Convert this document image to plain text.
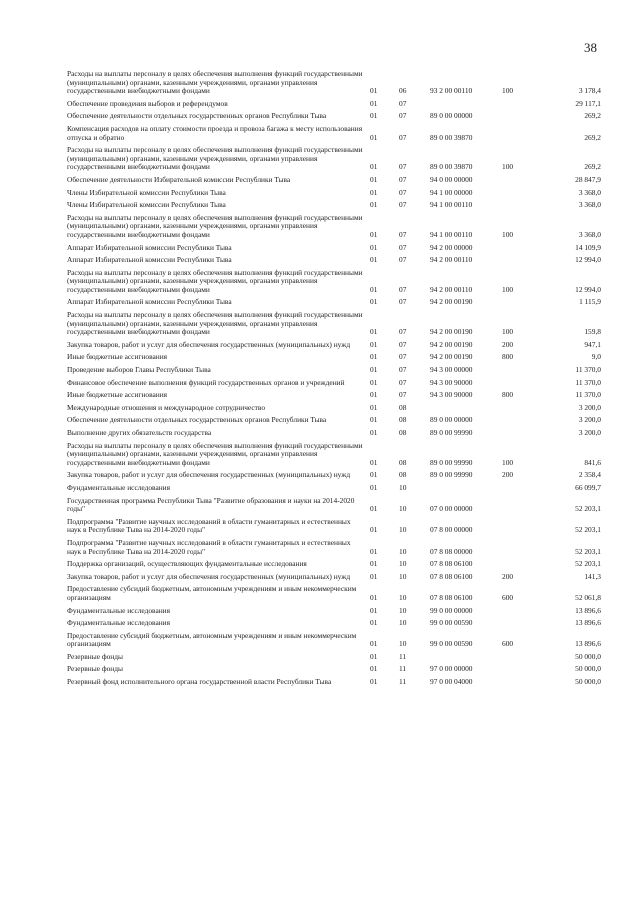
38
Расходы на выплаты персоналу в целях обеспечения выполнения функций государственными (муниципальными) органами, казенными учреждениями, органами управления государственными внебюджетными фондами	01	06	93 2 00 00110	100	3 178,4
Обеспечение проведения выборов и референдумов	01	07			29 117,1
Обеспечение деятельности отдельных государственных органов Республики Тыва	01	07	89 0 00 00000		269,2
Компенсация расходов на оплату стоимости проезда и провоза багажа к месту использования отпуска и обратно	01	07	89 0 00 39870		269,2
Расходы на выплаты персоналу в целях обеспечения выполнения функций государственными (муниципальными) органами, казенными учреждениями, органами управления государственными внебюджетными фондами	01	07	89 0 00 39870	100	269,2
Обеспечение деятельности Избирательной комиссии Республики Тыва	01	07	94 0 00 00000		28 847,9
Члены Избирательной комиссии Республики Тыва	01	07	94 1 00 00000		3 368,0
Члены Избирательной комиссии Республики Тыва	01	07	94 1 00 00110		3 368,0
Расходы на выплаты персоналу в целях обеспечения выполнения функций государственными (муниципальными) органами, казенными учреждениями, органами управления государственными внебюджетными фондами	01	07	94 1 00 00110	100	3 368,0
Аппарат Избирательной комиссии Республики Тыва	01	07	94 2 00 00000		14 109,9
Аппарат Избирательной комиссии Республики Тыва	01	07	94 2 00 00110		12 994,0
Расходы на выплаты персоналу в целях обеспечения выполнения функций государственными (муниципальными) органами, казенными учреждениями, органами управления государственными внебюджетными фондами	01	07	94 2 00 00110	100	12 994,0
Аппарат Избирательной комиссии Республики Тыва	01	07	94 2 00 00190		1 115,9
Расходы на выплаты персоналу в целях обеспечения выполнения функций государственными (муниципальными) органами, казенными учреждениями, органами управления государственными внебюджетными фондами	01	07	94 2 00 00190	100	159,8
Закупка товаров, работ и услуг для обеспечения государственных (муниципальных) нужд	01	07	94 2 00 00190	200	947,1
Иные бюджетные ассигнования	01	07	94 2 00 00190	800	9,0
Проведение выборов Главы Республики Тыва	01	07	94 3 00 00000		11 370,0
Финансовое обеспечение выполнения функций государственных органов и учреждений	01	07	94 3 00 90000		11 370,0
Иные бюджетные ассигнования	01	07	94 3 00 90000	800	11 370,0
Международные отношения и международное сотрудничество	01	08			3 200,0
Обеспечение деятельности отдельных государственных органов Республики Тыва	01	08	89 0 00 00000		3 200,0
Выполнение других обязательств государства	01	08	89 0 00 99990		3 200,0
Расходы на выплаты персоналу в целях обеспечения выполнения функций государственными (муниципальными) органами, казенными учреждениями, органами управления государственными внебюджетными фондами	01	08	89 0 00 99990	100	841,6
Закупка товаров, работ и услуг для обеспечения государственных (муниципальных) нужд	01	08	89 0 00 99990	200	2 358,4
Фундаментальные исследования	01	10			66 099,7
Государственная программа Республики Тыва "Развитие образования и науки на 2014-2020 годы"	01	10	07 0 00 00000		52 203,1
Подпрограмма "Развитие научных исследований в области гуманитарных и естественных наук в Республике Тыва на 2014-2020 годы"	01	10	07 8 00 00000		52 203,1
Подпрограмма "Развитие научных исследований в области гуманитарных и естественных наук в Республике Тыва на 2014-2020 годы"	01	10	07 8 08 00000		52 203,1
Поддержка организаций, осуществляющих фундаментальные исследования	01	10	07 8 08 06100		52 203,1
Закупка товаров, работ и услуг для обеспечения государственных (муниципальных) нужд	01	10	07 8 08 06100	200	141,3
Предоставление субсидий бюджетным, автономным учреждениям и иным некоммерческим организациям	01	10	07 8 08 06100	600	52 061,8
Фундаментальные исследования	01	10	99 0 00 00000		13 896,6
Фундаментальные исследования	01	10	99 0 00 00590		13 896,6
Предоставление субсидий бюджетным, автономным учреждениям и иным некоммерческим организациям	01	10	99 0 00 00590	600	13 896,6
Резервные фонды	01	11			50 000,0
Резервные фонды	01	11	97 0 00 00000		50 000,0
Резервный фонд исполнительного органа государственной власти Республики Тыва	01	11	97 0 00 04000		50 000,0
